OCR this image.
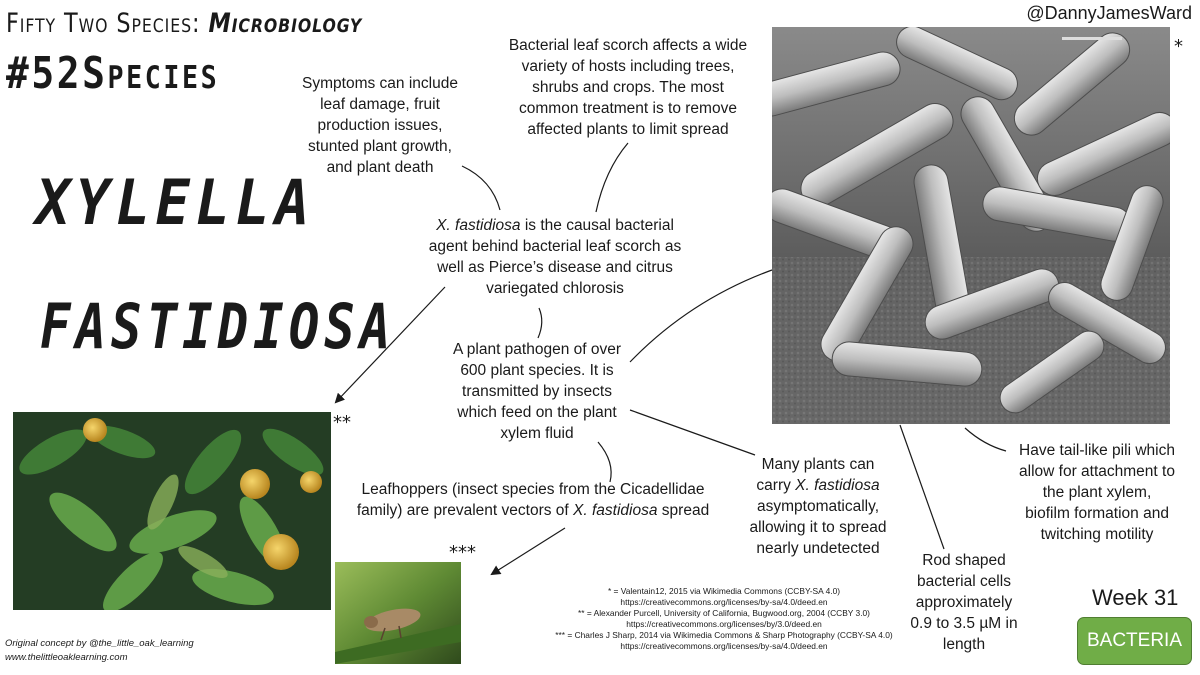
Fifty Two Species: Microbiology
#52Species
@DannyJamesWard
XYLELLA
FASTIDIOSA
*
**
***
Symptoms can include
leaf damage, fruit
production issues,
stunted plant growth,
and plant death
Bacterial leaf scorch affects a wide
variety of hosts including trees,
shrubs and crops. The most
common treatment is to remove
affected plants to limit spread
X. fastidiosa is the causal bacterial
agent behind bacterial leaf scorch as
well as Pierce’s disease and citrus
variegated chlorosis
A plant pathogen of over
600 plant species. It is
transmitted by insects
which feed on the plant
xylem fluid
Leafhoppers (insect species from the Cicadellidae
family) are prevalent vectors of X. fastidiosa spread
Many plants can
carry X. fastidiosa
asymptomatically,
allowing it to spread
nearly undetected
Rod shaped
bacterial cells
approximately
0.9 to 3.5 µM in
length
Have tail-like pili which
allow for attachment to
the plant xylem,
biofilm formation and
twitching motility
* = Valentain12, 2015 via Wikimedia Commons (CCBY-SA 4.0)
https://creativecommons.org/licenses/by-sa/4.0/deed.en
** = Alexander Purcell, University of California, Bugwood.org, 2004 (CCBY 3.0)
https://creativecommons.org/licenses/by/3.0/deed.en
*** = Charles J Sharp, 2014 via Wikimedia Commons & Sharp Photography (CCBY-SA 4.0)
https://creativecommons.org/licenses/by-sa/4.0/deed.en
Original concept by @the_little_oak_learning
www.thelittleoaklearning.com
Week 31
BACTERIA
